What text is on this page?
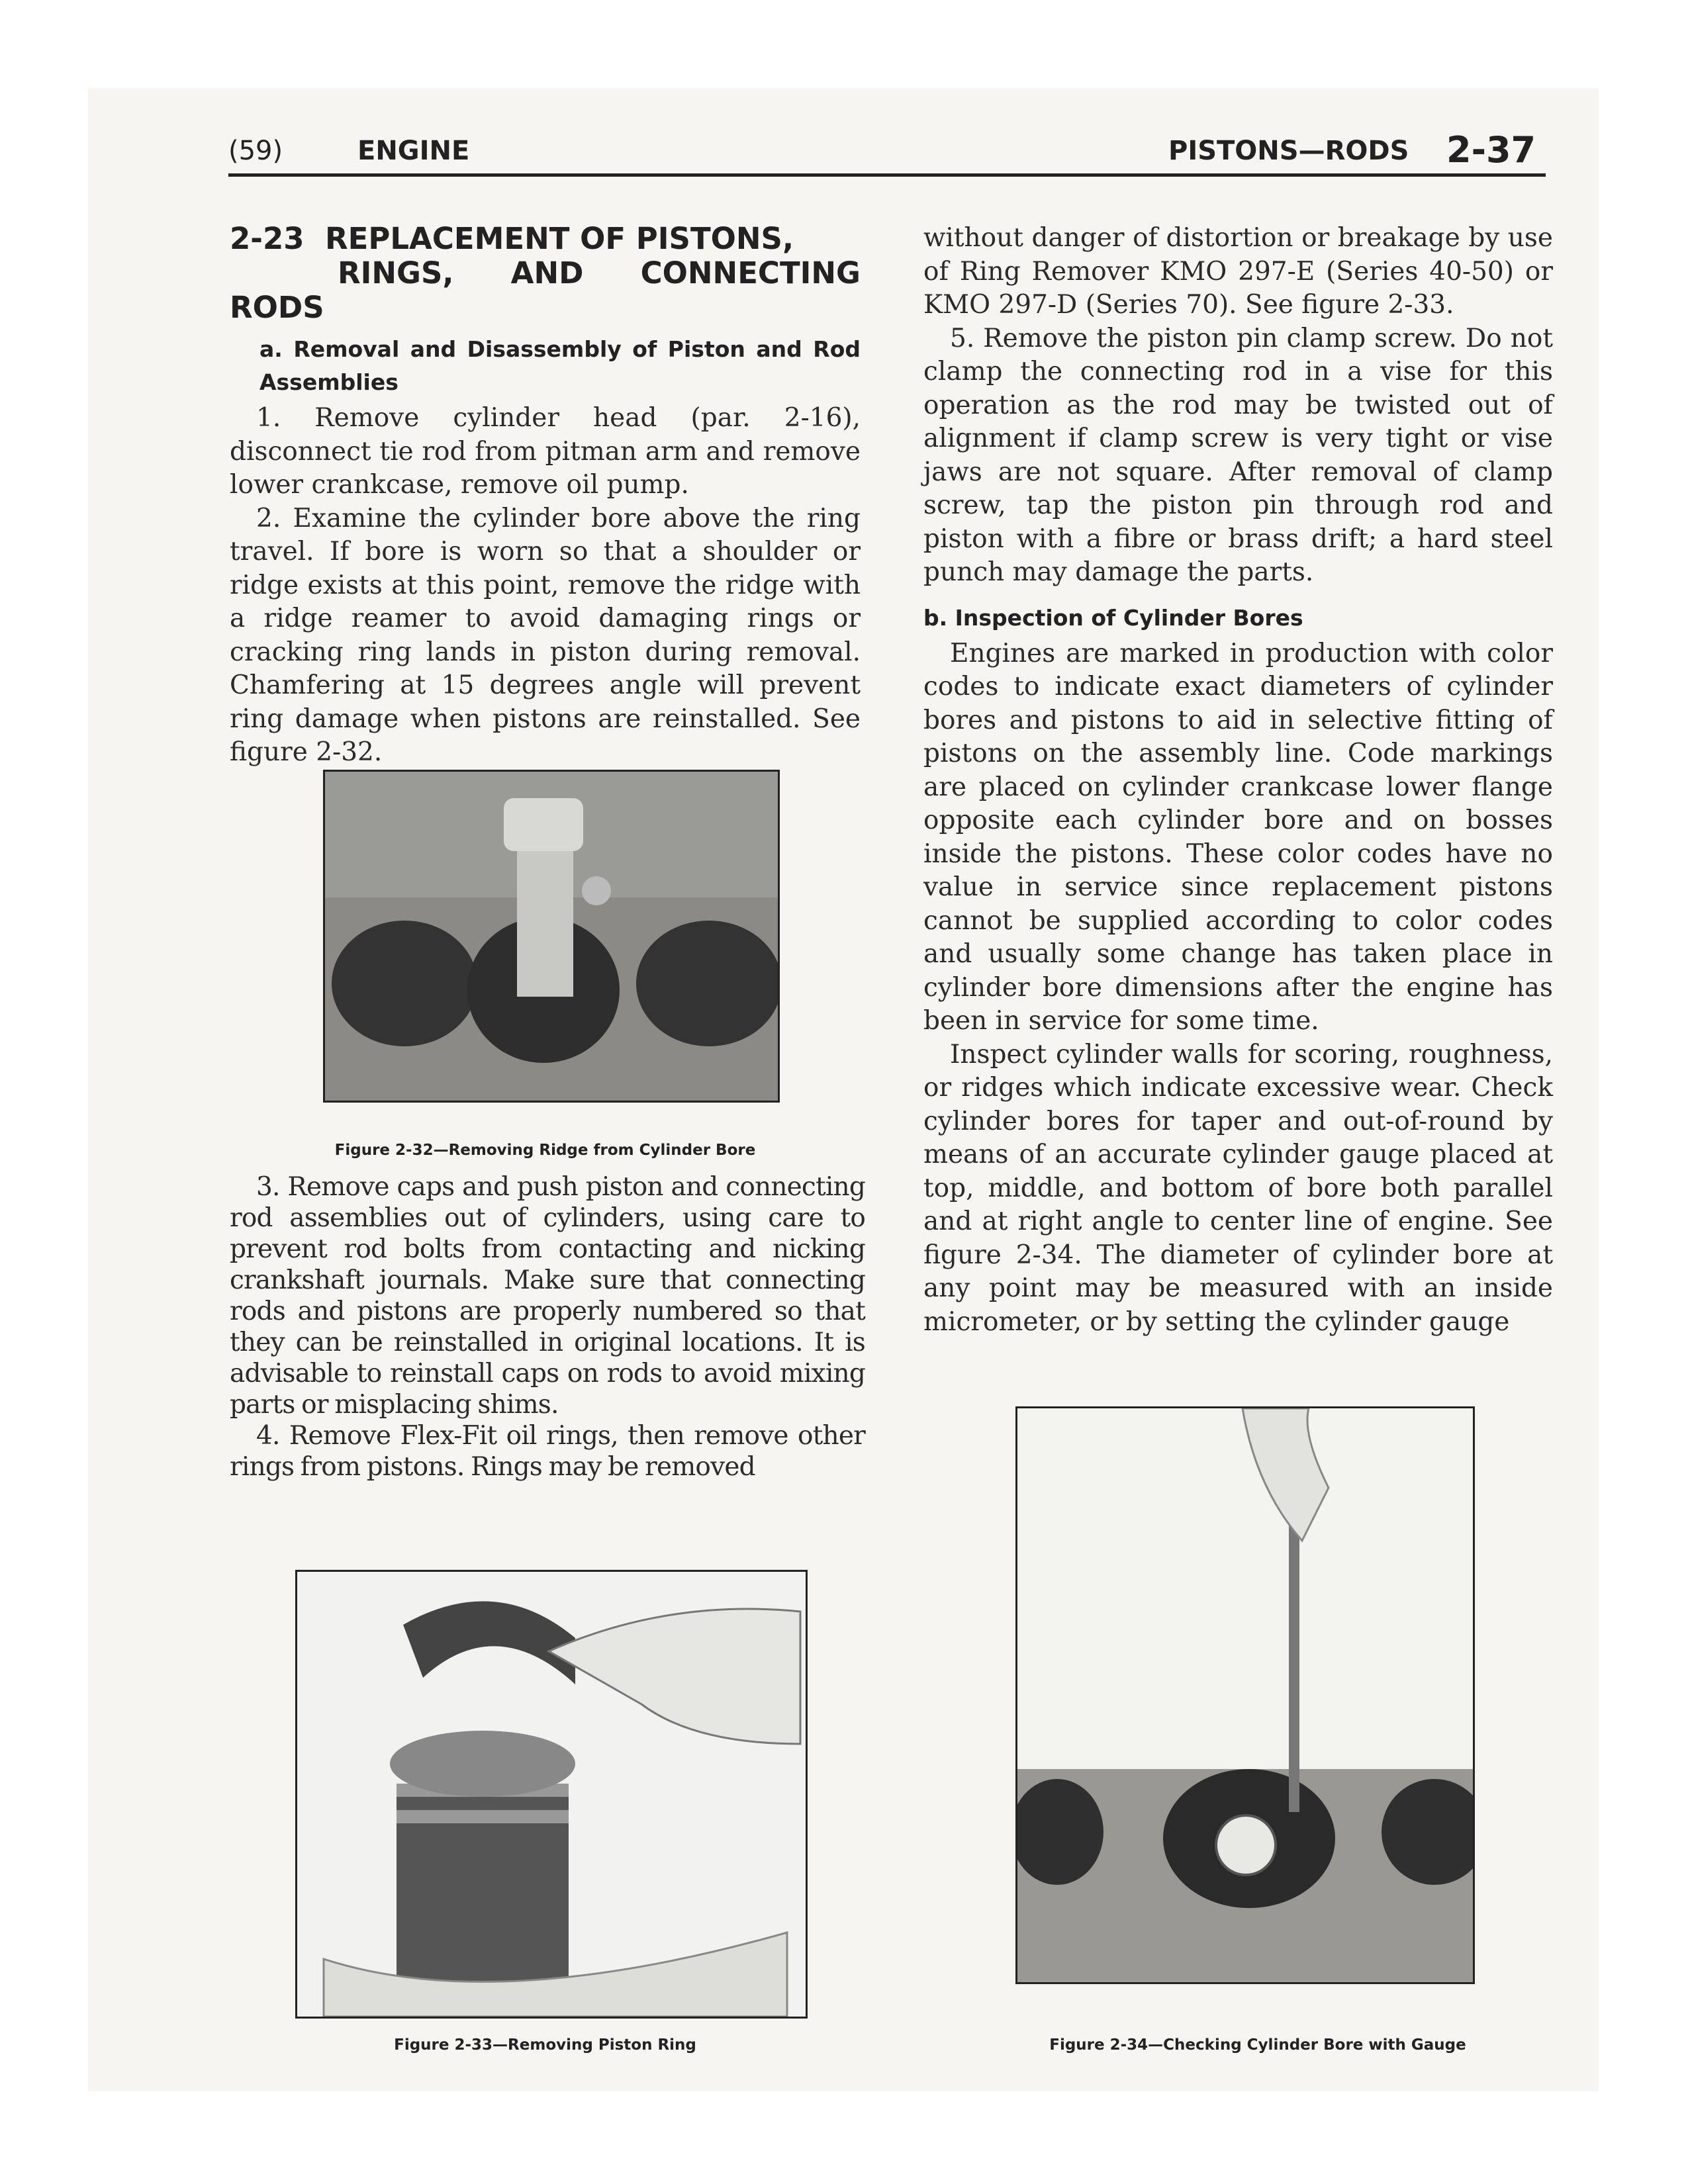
(59)	ENGINE	PISTONS—RODS 2-37
2-23 REPLACEMENT OF PISTONS,
RINGS, AND CONNECTING RODS
a. Removal and Disassembly of Piston and Rod Assemblies

1. Remove cylinder head (par. 2-16), disconnect tie rod from pitman arm and remove lower crankcase, remove oil pump.

2. Examine the cylinder bore above the ring travel. If bore is worn so that a shoulder or ridge exists at this point, remove the ridge with a ridge reamer to avoid damaging rings or cracking ring lands in piston during removal. Chamfering at 15 degrees angle will prevent ring damage when pistons are reinstalled. See figure 2-32.

Figure 2-32—Removing Ridge from Cylinder Bore

3. Remove caps and push piston and connecting rod assemblies out of cylinders, using care to prevent rod bolts from contacting and nicking crankshaft journals. Make sure that connecting rods and pistons are properly numbered so that they can be reinstalled in original locations. It is advisable to reinstall caps on rods to avoid mixing parts or misplacing shims.

4. Remove Flex-Fit oil rings, then remove other rings from pistons. Rings may be removed

Figure 2-33—Removing Piston Ring

without danger of distortion or breakage by use of Ring Remover KMO 297-E (Series 40-50) or KMO 297-D (Series 70). See figure 2-33.

5. Remove the piston pin clamp screw. Do not clamp the connecting rod in a vise for this operation as the rod may be twisted out of alignment if clamp screw is very tight or vise jaws are not square. After removal of clamp screw, tap the piston pin through rod and piston with a fibre or brass drift; a hard steel punch may damage the parts.

b. Inspection of Cylinder Bores

Engines are marked in production with color codes to indicate exact diameters of cylinder bores and pistons to aid in selective fitting of pistons on the assembly line. Code markings are placed on cylinder crankcase lower flange opposite each cylinder bore and on bosses inside the pistons. These color codes have no value in service since replacement pistons cannot be supplied according to color codes and usually some change has taken place in cylinder bore dimensions after the engine has been in service for some time.

Inspect cylinder walls for scoring, roughness, or ridges which indicate excessive wear. Check cylinder bores for taper and out-of-round by means of an accurate cylinder gauge placed at top, middle, and bottom of bore both parallel and at right angle to center line of engine. See figure 2-34. The diameter of cylinder bore at any point may be measured with an inside micrometer, or by setting the cylinder gauge

Figure 2-34—Checking Cylinder Bore with Gauge
